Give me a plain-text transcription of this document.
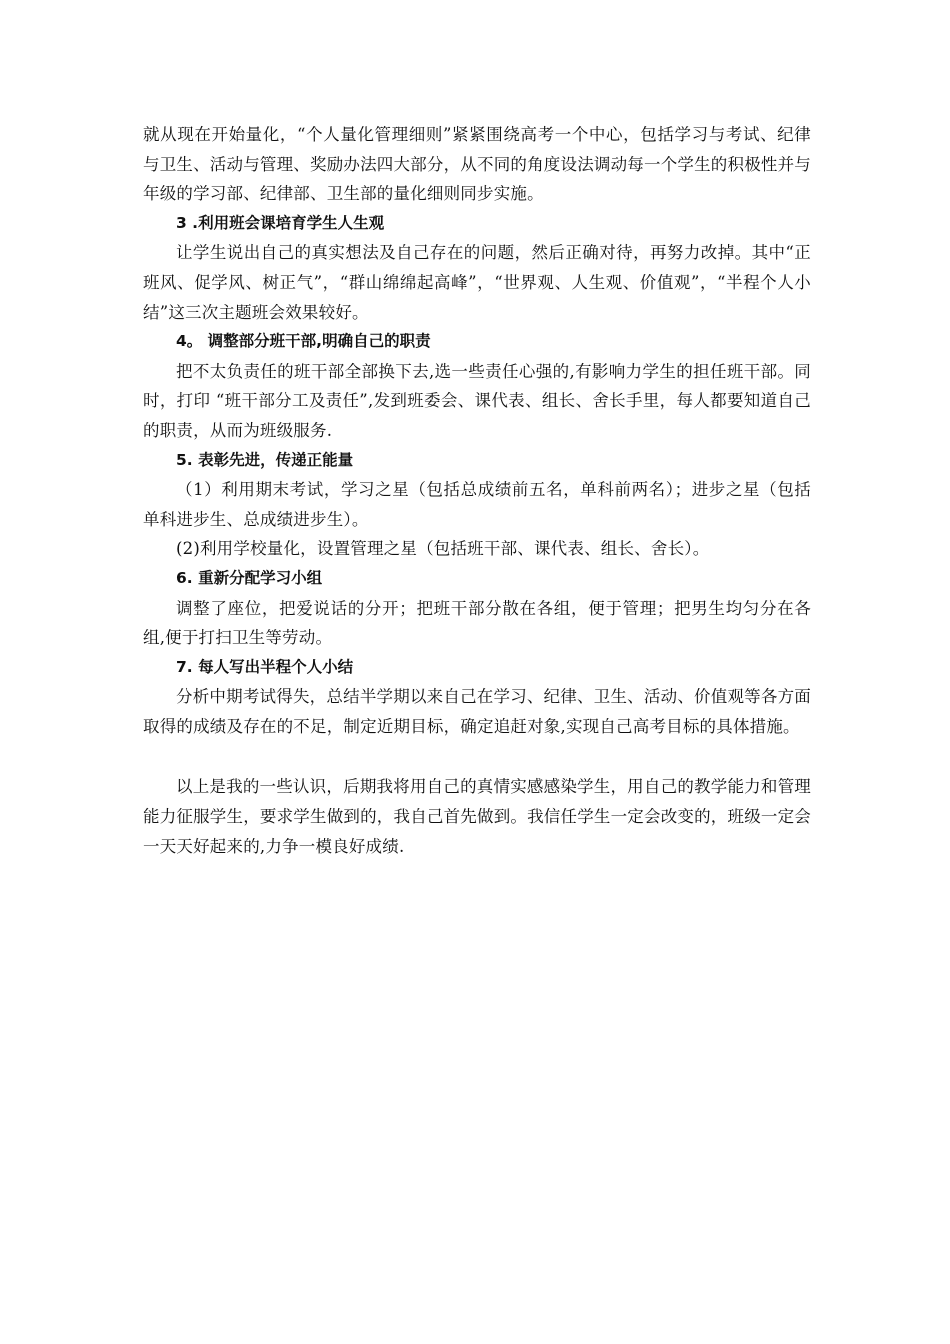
就从现在开始量化，“个人量化管理细则”紧紧围绕高考一个中心，包括学习与考试、纪律与卫生、活动与管理、奖励办法四大部分，从不同的角度设法调动每一个学生的积极性并与年级的学习部、纪律部、卫生部的量化细则同步实施。

3 .利用班会课培育学生人生观

让学生说出自己的真实想法及自己存在的问题，然后正确对待，再努力改掉。其中“正班风、促学风、树正气”，“群山绵绵起高峰”，“世界观、人生观、价值观”，“半程个人小结”这三次主题班会效果较好。

4。 调整部分班干部,明确自己的职责

把不太负责任的班干部全部换下去,选一些责任心强的,有影响力学生的担任班干部。同时，打印 “班干部分工及责任”,发到班委会、课代表、组长、舍长手里，每人都要知道自己的职责，从而为班级服务.

5. 表彰先进，传递正能量

（1）利用期末考试，学习之星（包括总成绩前五名，单科前两名）；进步之星（包括单科进步生、总成绩进步生）。

(2)利用学校量化，设置管理之星（包括班干部、课代表、组长、舍长）。

6. 重新分配学习小组

调整了座位，把爱说话的分开；把班干部分散在各组，便于管理；把男生均匀分在各组,便于打扫卫生等劳动。

7. 每人写出半程个人小结

分析中期考试得失，总结半学期以来自己在学习、纪律、卫生、活动、价值观等各方面取得的成绩及存在的不足，制定近期目标，确定追赶对象,实现自己高考目标的具体措施。

以上是我的一些认识，后期我将用自己的真情实感感染学生，用自己的教学能力和管理能力征服学生，要求学生做到的，我自己首先做到。我信任学生一定会改变的，班级一定会一天天好起来的,力争一模良好成绩.
